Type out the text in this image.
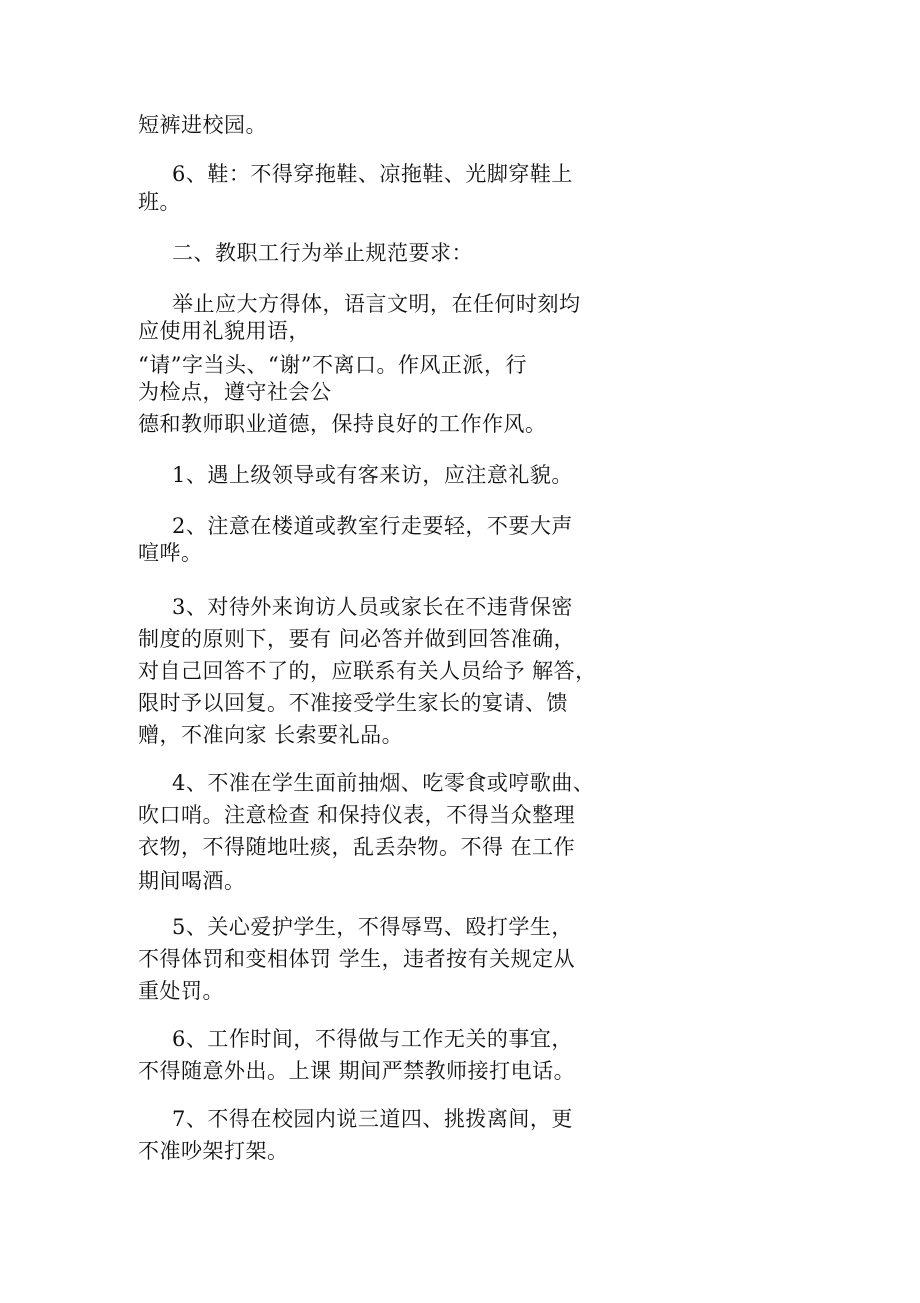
短裤进校园。
6、鞋：不得穿拖鞋、凉拖鞋、光脚穿鞋上
班。
二、教职工行为举止规范要求：
举止应大方得体，语言文明，在任何时刻均
应使用礼貌用语，
“请”字当头、“谢”不离口。作风正派，行
为检点，遵守社会公
德和教师职业道德，保持良好的工作作风。
1、遇上级领导或有客来访，应注意礼貌。
2、注意在楼道或教室行走要轻，不要大声
喧哗。
3、对待外来询访人员或家长在不违背保密
制度的原则下，要有 问必答并做到回答准确，
对自己回答不了的，应联系有关人员给予 解答，
限时予以回复。不准接受学生家长的宴请、馈
赠，不准向家 长索要礼品。
4、不准在学生面前抽烟、吃零食或哼歌曲、
吹口哨。注意检查 和保持仪表，不得当众整理
衣物，不得随地吐痰，乱丢杂物。不得 在工作
期间喝酒。
5、关心爱护学生，不得辱骂、殴打学生，
不得体罚和变相体罚 学生，违者按有关规定从
重处罚。
6、工作时间，不得做与工作无关的事宜，
不得随意外出。上课 期间严禁教师接打电话。
7、不得在校园内说三道四、挑拨离间，更
不准吵架打架。
